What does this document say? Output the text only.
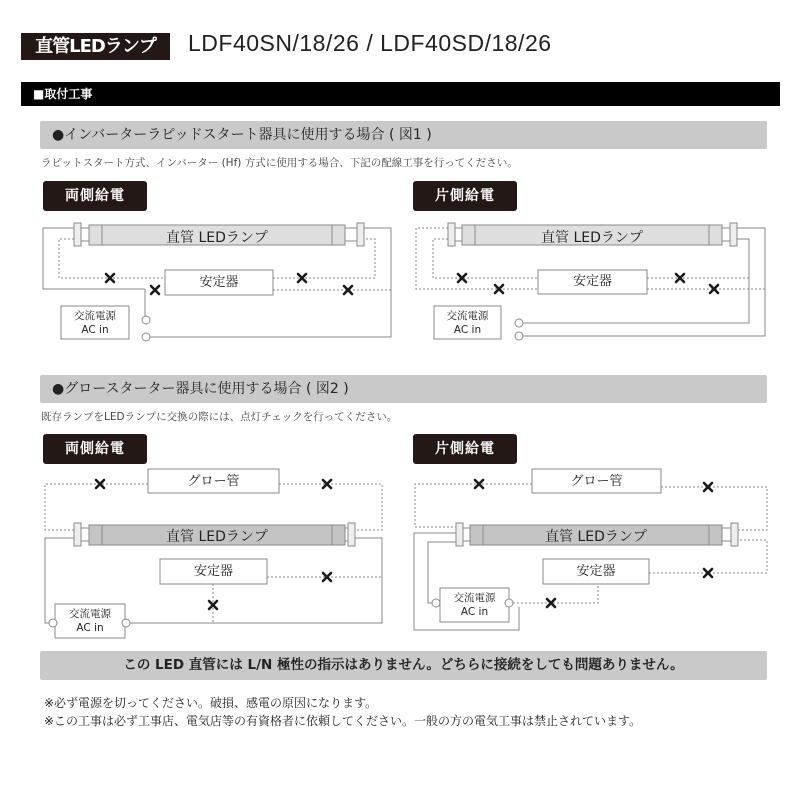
直管LEDランプ	LDF40SN/18/26 / LDF40SD/18/26
■取付工事
●インバーターラピッドスタート器具に使用する場合 ( 図1 )
ラピットスタート方式、インバーター (Hf) 方式に使用する場合、下記の配線工事を行ってください。
両側給電	片側給電
●グロースターター器具に使用する場合 ( 図2 )
既存ランプをLEDランプに交換の際には、点灯チェックを行ってください。
両側給電	片側給電
直管 LEDランプ
安定器
交流電源
AC in
直管 LEDランプ
安定器
交流電源
AC in
グロー管
直管 LEDランプ
安定器
交流電源
AC in
グロー管
直管 LEDランプ
安定器
交流電源
AC in
この LED 直管には L/N 極性の指示はありません。どちらに接続をしても問題ありません。
※必ず電源を切ってください。破損、感電の原因になります。
※この工事は必ず工事店、電気店等の有資格者に依頼してください。一般の方の電気工事は禁止されています。
